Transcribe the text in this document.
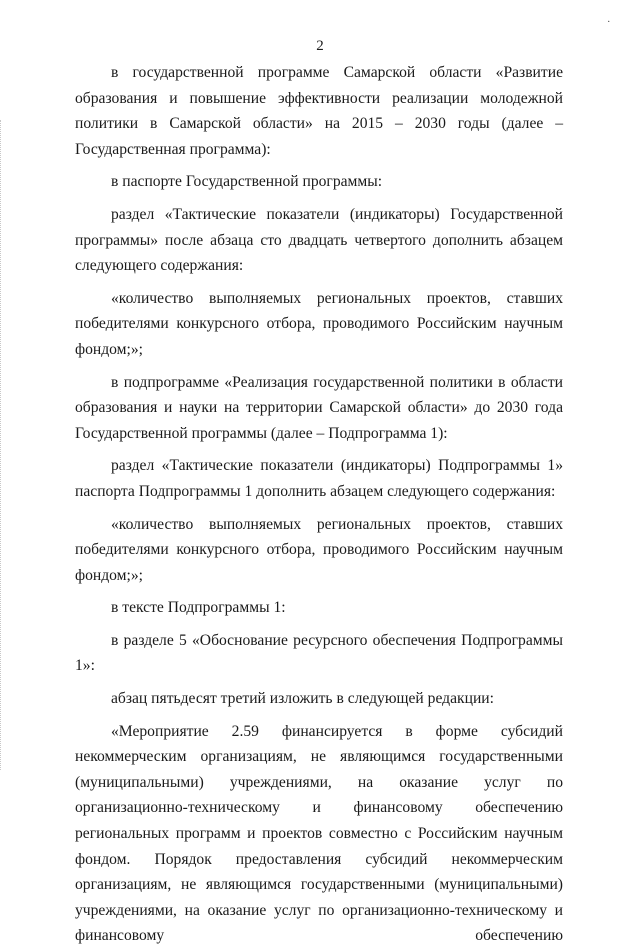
.
2

в государственной программе Самарской области «Развитие образования и повышение эффективности реализации молодежной политики в Самарской области» на 2015 – 2030 годы (далее – Государственная программа):

в паспорте Государственной программы:

раздел «Тактические показатели (индикаторы) Государственной программы» после абзаца сто двадцать четвертого дополнить абзацем следующего содержания:

«количество выполняемых региональных проектов, ставших победителями конкурсного отбора, проводимого Российским научным фондом;»;

в подпрограмме «Реализация государственной политики в области образования и науки на территории Самарской области» до 2030 года Государственной программы (далее – Подпрограмма 1):

раздел «Тактические показатели (индикаторы) Подпрограммы 1» паспорта Подпрограммы 1 дополнить абзацем следующего содержания:

«количество выполняемых региональных проектов, ставших победителями конкурсного отбора, проводимого Российским научным фондом;»;

в тексте Подпрограммы 1:

в разделе 5 «Обоснование ресурсного обеспечения Подпрограммы 1»:

абзац пятьдесят третий изложить в следующей редакции:

«Мероприятие 2.59 финансируется в форме субсидий некоммерческим организациям, не являющимся государственными (муниципальными) учреждениями, на оказание услуг по организационно-техническому и финансовому обеспечению региональных программ и проектов совместно с Российским научным фондом. Порядок предоставления субсидий некоммерческим организациям, не являющимся государственными (муниципальными) учреждениями, на оказание услуг по организационно-техническому и финансовому обеспечению
